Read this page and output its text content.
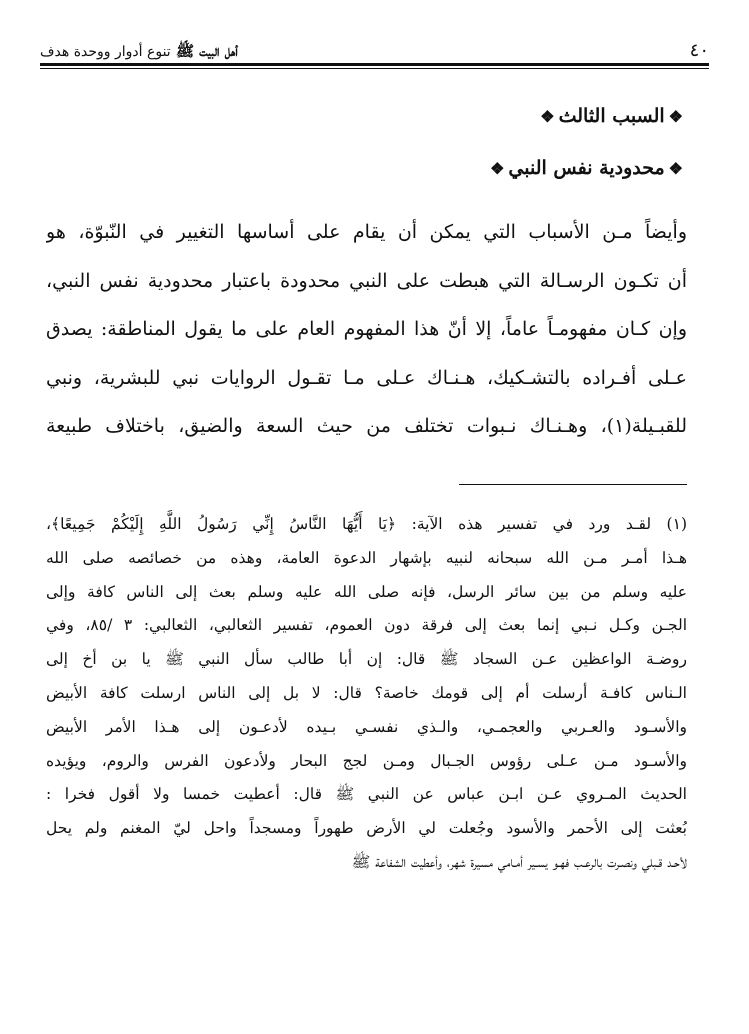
٤٠
أهل البيت ﷺ تنوع أدوار ووحدة هدف
❖السبب الثالث❖
❖محدودية نفس النبي❖
وأيضاً مـن الأسباب التي يمكن أن يقام على أساسها التغيير في النّبوّة، هو
أن تكـون الرسـالة التي هبطت على النبي محدودة باعتبار محدودية نفس النبي،
وإن كـان مفهومـاً عاماً، إلا أنّ هذا المفهوم العام على ما يقول المناطقة: يصدق
عـلى أفـراده بالتشـكيك، هـنـاك عـلى مـا تقـول الروايات نبي للبشرية، ونبي
للقبـيلة(١)، وهـنـاك نـبوات تختلف من حيث السعة والضيق، باختلاف طبيعة
(١) لقـد ورد في تفسير هذه الآية: ﴿يَا أَيُّهَا النَّاسُ إِنِّي رَسُولُ اللَّهِ إِلَيْكُمْ جَمِيعًا﴾،
هـذا أمـر مـن الله سبحانه لنبيه بإشهار الدعوة العامة، وهذه من خصائصه صلى الله
عليه وسلم من بين سائر الرسل، فإنه صلى الله عليه وسلم بعث إلى الناس كافة وإلى
الجـن وكـل نـبي إنما بعث إلى فرقة دون العموم، تفسير الثعالبي، الثعالبي: ٣ /٨٥، وفي
روضـة الواعظين عـن السجاد ﷺ قال: إن أبا طالب سأل النبي ﷺ يا بن أخ إلى
الـناس كافـة أرسلت أم إلى قومك خاصة؟ قال: لا بل إلى الناس ارسلت كافة الأبيض
والأسـود والعـربي والعجمـي، والـذي نفسـي بـيده لأدعـون إلى هـذا الأمر الأبيض
والأسـود مـن عـلى رؤوس الجـبال ومـن لجج البحار ولأدعون الفرس والروم، ويؤيده
الحديث المـروي عـن ابـن عباس عن النبي ﷺ قال: أعطيت خمسا ولا أقول فخرا :
بُعثت إلى الأحمر والأسود وجُعلت لي الأرض طهوراً ومسجداً واحل ليّ المغنم ولم يحل
لأحـد قـبلي ونصـرت بالرعـب فهـو يسـير أمـامي مسيرة شهر، وأعطيت الشفاعة ﷺ
